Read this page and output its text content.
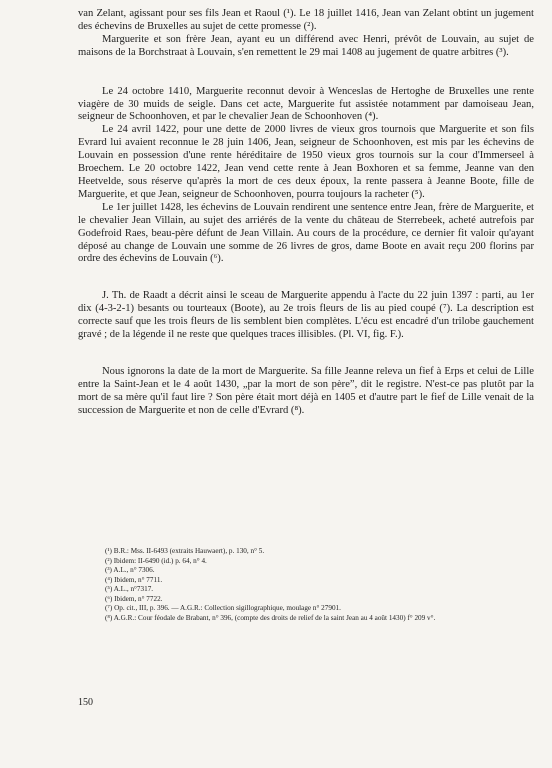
van Zelant, agissant pour ses fils Jean et Raoul (¹). Le 18 juillet 1416, Jean van Zelant obtint un jugement des échevins de Bruxelles au sujet de cette promesse (²).

Marguerite et son frère Jean, ayant eu un différend avec Henri, prévôt de Louvain, au sujet de maisons de la Borchstraat à Louvain, s'en remettent le 29 mai 1408 au jugement de quatre arbitres (³).

Le 24 octobre 1410, Marguerite reconnut devoir à Wenceslas de Hertoghe de Bruxelles une rente viagère de 30 muids de seigle. Dans cet acte, Marguerite fut assistée notamment par damoiseau Jean, seigneur de Schoonhoven, et par le chevalier Jean de Schoonhoven (⁴).

Le 24 avril 1422, pour une dette de 2000 livres de vieux gros tournois que Marguerite et son fils Evrard lui avaient reconnue le 28 juin 1406, Jean, seigneur de Schoonhoven, est mis par les échevins de Louvain en possession d'une rente héréditaire de 1950 vieux gros tournois sur la cour d'Immerseel à Broechem. Le 20 octobre 1422, Jean vend cette rente à Jean Boxhoren et sa femme, Jeanne van den Heetvelde, sous réserve qu'après la mort de ces deux époux, la rente passera à Jeanne Boote, fille de Marguerite, et que Jean, seigneur de Schoonhoven, pourra toujours la racheter (⁵).

Le 1er juillet 1428, les échevins de Louvain rendirent une sentence entre Jean, frère de Marguerite, et le chevalier Jean Villain, au sujet des arriérés de la vente du château de Sterrebeek, acheté autrefois par Godefroid Raes, beau-père défunt de Jean Villain. Au cours de la procédure, ce dernier fit valoir qu'ayant déposé au change de Louvain une somme de 26 livres de gros, dame Boote en avait reçu 200 florins par ordre des échevins de Louvain (⁶).

J. Th. de Raadt a décrit ainsi le sceau de Marguerite appendu à l'acte du 22 juin 1397 : parti, au 1er dix (4-3-2-1) besants ou tourteaux (Boote), au 2e trois fleurs de lis au pied coupé (⁷). La description est correcte sauf que les trois fleurs de lis semblent bien complètes. L'écu est encadré d'un trilobe gauchement gravé ; de la légende il ne reste que quelques traces illisibles. (Pl. VI, fig. F.).

Nous ignorons la date de la mort de Marguerite. Sa fille Jeanne releva un fief à Erps et celui de Lille entre la Saint-Jean et le 4 août 1430, „par la mort de son père”, dit le registre. N'est-ce pas plutôt par la mort de sa mère qu'il faut lire ? Son père était mort déjà en 1405 et d'autre part le fief de Lille venait de la succession de Marguerite et non de celle d'Evrard (⁸).

(¹) B.R.: Mss. II-6493 (extraits Hauwaert), p. 130, n° 5.
(²) Ibidem: II-6490 (id.) p. 64, n° 4.
(³) A.L., n° 7306.
(⁴) Ibidem, n° 7711.
(⁵) A.L., n°7317.
(⁶) Ibidem, n° 7722.
(⁷) Op. cit., III, p. 396. — A.G.R.: Collection sigillographique, moulage n° 27901.
(⁸) A.G.R.: Cour féodale de Brabant, n° 396, (compte des droits de relief de la saint Jean au 4 août 1430) f° 209 v°.
150
